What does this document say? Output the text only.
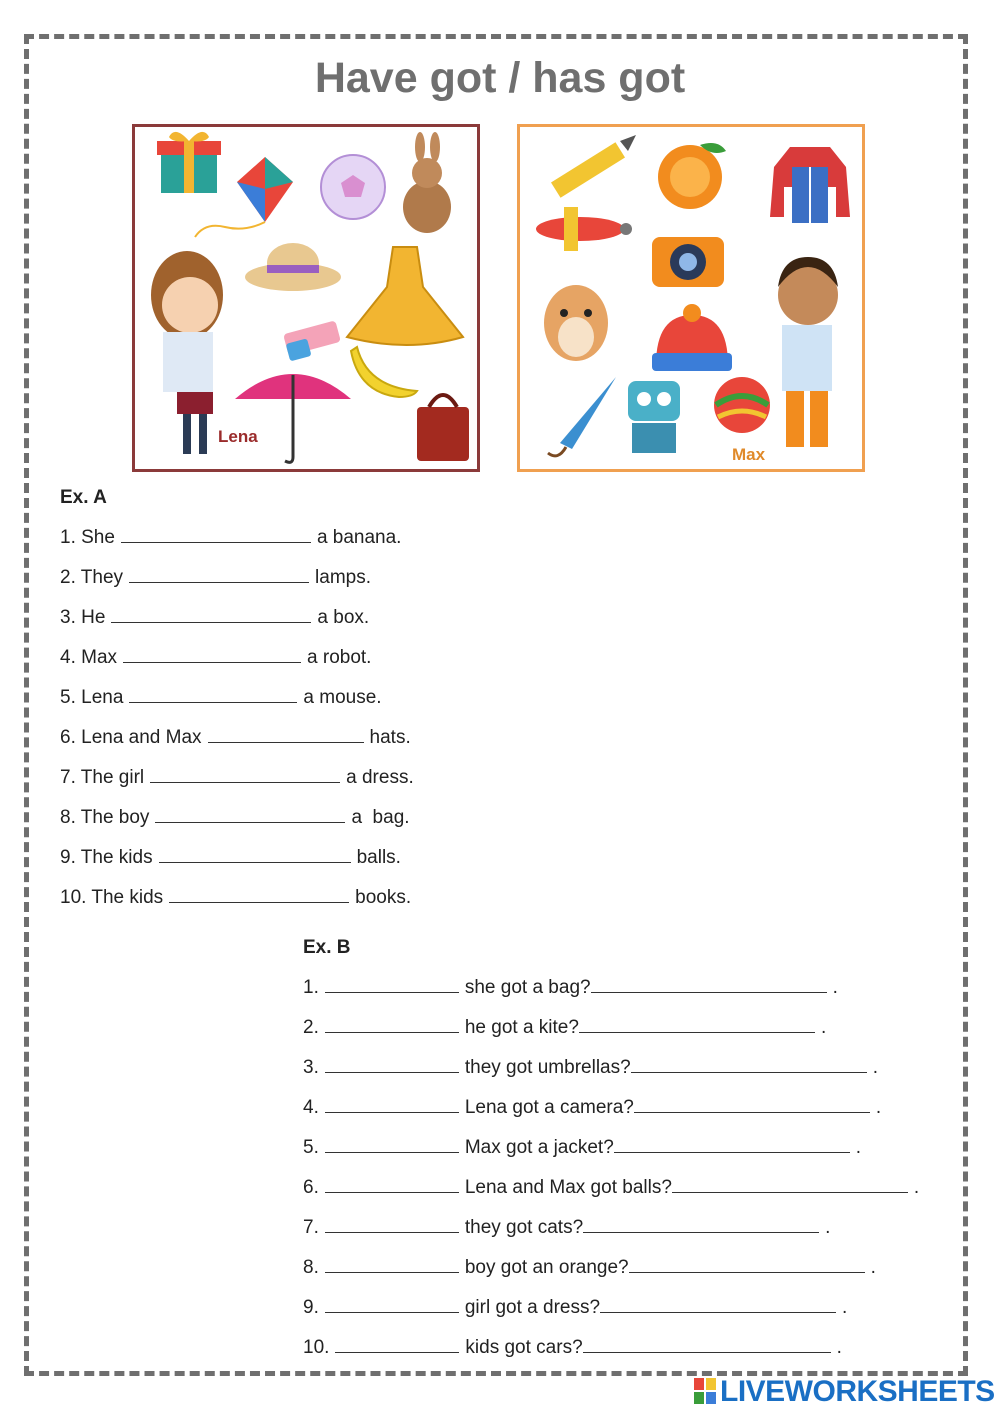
Have got / has got
Lena
Max
Ex. A
1. She	a banana.
2. They	lamps.
3. He	a box.
4. Max	a robot.
5. Lena	a mouse.
6. Lena and Max	hats.
7. The girl	a dress.
8. The boy	a  bag.
9. The kids	balls.
10. The kids	books.
Ex. B
1.	she got a bag?	.
2.	he got a kite?	.
3.	they got umbrellas?	.
4.	Lena got a camera?	.
5.	Max got a jacket?	.
6.	Lena and Max got balls?	.
7.	they got cats?	.
8.	boy got an orange?	.
9.	girl got a dress?	.
10.	kids got cars?	.
LIVEWORKSHEETS
